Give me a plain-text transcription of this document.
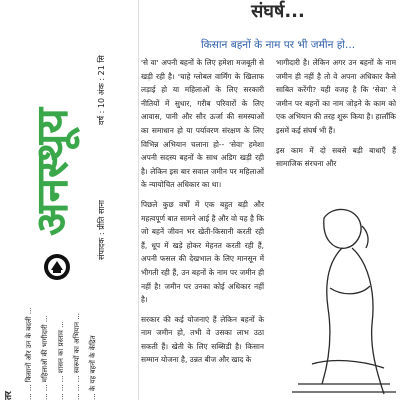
वर्ष : 10 अंक : 21 सि
संपादक : प्रीति साना
अनस्थूय
तर ... ... किसानों और उन के बदली ...	... ... महिलाओं की भागीदारी ...	... ... ... शासन का प्रस्ताव ...	... ... ... स्वरूपों का अभियान ...	... के यह बहनों के केंद्रित
संघर्ष...
किसान बहनों के नाम पर भी जमीन हो...

'से वा' अपनी बहनों के लिए हमेशा मजबूती से खड़ी रही है। 'चाहे ग्लोबल वार्मिंग के खिलाफ लड़ाई हो या महिलाओं के लिए सरकारी नीतियों में सुधार, गरीब परिवारों के लिए आवास, पानी और सौर ऊर्जा की समस्याओं का समाधान हो या पर्यावरण संरक्षण के लिए विभिन्न अभियान चलाना हो-- 'सेवा' हमेशा अपनी सदस्य बहनों के साथ अडिग खड़ी रही है। लेकिन इस बार सवाल जमीन पर महिलाओं के न्यायोचित अधिकार का था।

पिछले कुछ वर्षों में एक बहुत बड़ी और महत्वपूर्ण बात सामने आई है और वो यह है कि जो बहनें जीवन भर खेती-किसानी करती रही हैं, धूप में खड़े होकर मेहनत करती रही हैं, अपनी फसल की देखभाल के लिए मानसून में भीगती रही हैं, उन बहनों के नाम पर जमीन ही नहीं है! जमीन पर उनका कोई अधिकार नहीं है।

सरकार की कई योजनाएं हैं लेकिन बहनों के नाम जमीन हो, तभी वे उसका लाभ उठा सकती हैं। खेती के लिए सब्सिडी है। किसान सम्मान योजना है, उन्नत बीज और खाद के

भागीदारी है। लेकिन अगर उन बहनों के नाम जमीन ही नहीं है तो वे अपना अधिकार कैसे साबित करेंगी? यही वजह है कि 'सेवा' ने जमीन पर बहनों का नाम जोड़ने के काम को एक अभियान की तरह शुरू किया है। हालाँकि इसमें कई संघर्ष भी हैं।

इस काम में दो सबसे बड़ी बाधाएँ हैं सामाजिक संरचना और
